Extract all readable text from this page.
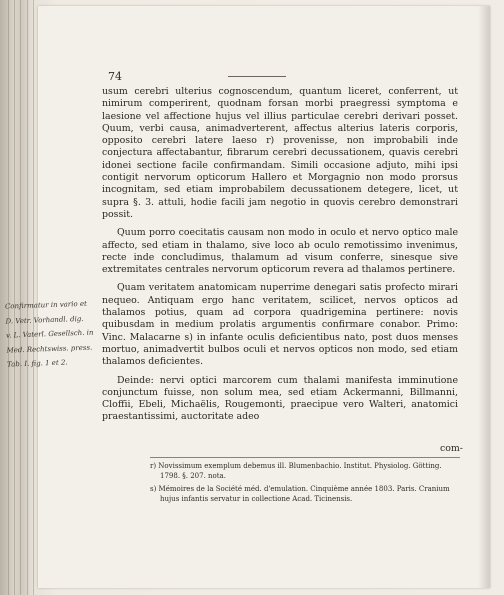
74

usum cerebri ulterius cognoscendum, quantum liceret, conferrent, ut nimirum comperirent, quodnam forsan morbi praegressi symptoma e laesione vel affectione hujus vel illius particulae cerebri derivari posset. Quum, verbi causa, animadverterent, affectus alterius lateris corporis, opposito cerebri latere laeso r) provenisse, non improbabili inde conjectura affectabantur, fibrarum cerebri decussationem, quavis cerebri idonei sectione facile confirmandam. Simili occasione adjuto, mihi ipsi contigit nervorum opticorum Hallero et Morgagnio non modo prorsus incognitam, sed etiam improbabilem decussationem detegere, licet, ut supra §. 3. attuli, hodie facili jam negotio in quovis cerebro demonstrari possit.

Quum porro coecitatis causam non modo in oculo et nervo optico male affecto, sed etiam in thalamo, sive loco ab oculo remotissimo invenimus, recte inde concludimus, thalamum ad visum conferre, sinesque sive extremitates centrales nervorum opticorum revera ad thalamos pertinere.

Quam veritatem anatomicam nuperrime denegari satis profecto mirari nequeo. Antiquam ergo hanc veritatem, scilicet, nervos opticos ad thalamos potius, quam ad corpora quadrigemina pertinere: novis quibusdam in medium prolatis argumentis confirmare conabor. Primo: Vinc. Malacarne s) in infante oculis deficientibus nato, post duos menses mortuo, animadvertit bulbos oculi et nervos opticos non modo, sed etiam thalamos deficientes.

Deinde: nervi optici marcorem cum thalami manifesta imminutione conjunctum fuisse, non solum mea, sed etiam Ackermanni, Billmanni, Cloffii, Ebeli, Michaëlis, Rougemonti, praecipue vero Walteri, anatomici praestantissimi, auctoritate adeo

com-
Confirmatur in vario et
D. Vetr. Vorhandl. dig.
v. L. Vaterl. Gesellsch. in
Med. Rechtswiss. press.
Tab. I. fig. 1 et 2.
r) Novissimum exemplum debemus ill. Blumenbachio. Institut. Physiolog. Götting. 1798. §. 207. nota.
s) Mémoires de la Société méd. d'emulation. Cinquième année 1803. Paris. Cranium hujus infantis servatur in collectione Acad. Ticinensis.
